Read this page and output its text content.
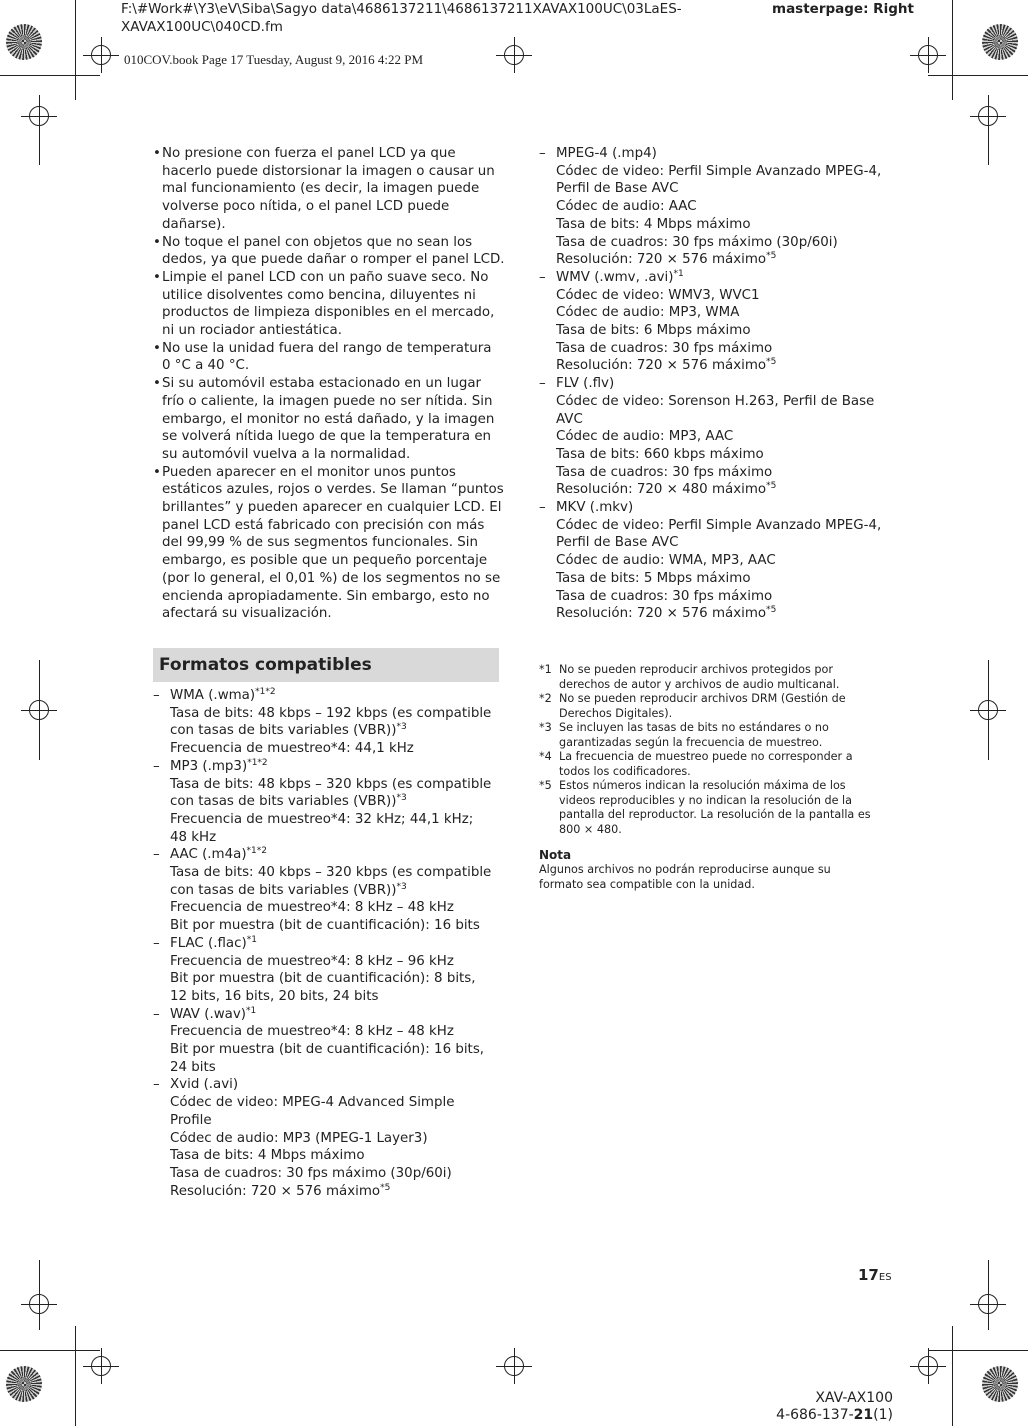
F:\#Work#\Y3\eV\Siba\Sagyo data\4686137211\4686137211XAVAX100UC\03LaES-
XAVAX100UC\040CD.fm
masterpage: Right
010COV.book Page 17 Tuesday, August 9, 2016 4:22 PM
• No presione con fuerza el panel LCD ya que
hacerlo puede distorsionar la imagen o causar un
mal funcionamiento (es decir, la imagen puede
volverse poco nítida, o el panel LCD puede
dañarse).
• No toque el panel con objetos que no sean los
dedos, ya que puede dañar o romper el panel LCD.
• Limpie el panel LCD con un paño suave seco. No
utilice disolventes como bencina, diluyentes ni
productos de limpieza disponibles en el mercado,
ni un rociador antiestática.
• No use la unidad fuera del rango de temperatura
0 °C a 40 °C.
• Si su automóvil estaba estacionado en un lugar
frío o caliente, la imagen puede no ser nítida. Sin
embargo, el monitor no está dañado, y la imagen
se volverá nítida luego de que la temperatura en
su automóvil vuelva a la normalidad.
• Pueden aparecer en el monitor unos puntos
estáticos azules, rojos o verdes. Se llaman “puntos
brillantes” y pueden aparecer en cualquier LCD. El
panel LCD está fabricado con precisión con más
del 99,99 % de sus segmentos funcionales. Sin
embargo, es posible que un pequeño porcentaje
(por lo general, el 0,01 %) de los segmentos no se
encienda apropiadamente. Sin embargo, esto no
afectará su visualización.
Formatos compatibles
– WMA $(.wma)^{*1*2}$
Tasa de bits: 48 kbps – 192 kbps (es compatible
con tasas de bits variables (VBR))$^{*3}$
Frecuencia de muestreo*4: 44,1 kHz
– MP3 $(.mp3)^{*1*2}$
Tasa de bits: 48 kbps – 320 kbps (es compatible
con tasas de bits variables (VBR))$^{*3}$
Frecuencia de muestreo*4: 32 kHz; 44,1 kHz;
48 kHz
– AAC $(.m4a)^{*1*2}$
Tasa de bits: 40 kbps – 320 kbps (es compatible
con tasas de bits variables (VBR))$^{*3}$
Frecuencia de muestreo*4: 8 kHz – 48 kHz
Bit por muestra (bit de cuantificación): 16 bits
– FLAC (.flac)$^{*1}$
Frecuencia de muestreo*4: 8 kHz – 96 kHz
Bit por muestra (bit de cuantificación): 8 bits,
12 bits, 16 bits, 20 bits, 24 bits
– WAV $(.wav)^{*1}$
Frecuencia de muestreo*4: 8 kHz – 48 kHz
Bit por muestra (bit de cuantificación): 16 bits,
24 bits
– Xvid (.avi)
Códec de video: MPEG-4 Advanced Simple
Profile
Códec de audio: MP3 (MPEG-1 Layer3)
Tasa de bits: 4 Mbps máximo
Tasa de cuadros: 30 fps máximo (30p/60i)
Resolución: 720 × 576 máximo$^{*5}$
– MPEG-4 (.mp4)
Códec de video: Perfil Simple Avanzado MPEG-4,
Perfil de Base AVC
Códec de audio: AAC
Tasa de bits: 4 Mbps máximo
Tasa de cuadros: 30 fps máximo (30p/60i)
Resolución: 720 × 576 máximo$^{*5}$
– WMV (.wmv, .avi)$^{*1}$
Códec de video: WMV3, WVC1
Códec de audio: MP3, WMA
Tasa de bits: 6 Mbps máximo
Tasa de cuadros: 30 fps máximo
Resolución: 720 × 576 máximo$^{*5}$
– FLV (.flv)
Códec de video: Sorenson H.263, Perfil de Base
AVC
Códec de audio: MP3, AAC
Tasa de bits: 660 kbps máximo
Tasa de cuadros: 30 fps máximo
Resolución: 720 × 480 máximo$^{*5}$
– MKV (.mkv)
Códec de video: Perfil Simple Avanzado MPEG-4,
Perfil de Base AVC
Códec de audio: WMA, MP3, AAC
Tasa de bits: 5 Mbps máximo
Tasa de cuadros: 30 fps máximo
Resolución: 720 × 576 máximo$^{*5}$
*1 No se pueden reproducir archivos protegidos por
derechos de autor y archivos de audio multicanal.
*2 No se pueden reproducir archivos DRM (Gestión de
Derechos Digitales).
*3 Se incluyen las tasas de bits no estándares o no
garantizadas según la frecuencia de muestreo.
*4 La frecuencia de muestreo puede no corresponder a
todos los codificadores.
*5 Estos números indican la resolución máxima de los
videos reproducibles y no indican la resolución de la
pantalla del reproductor. La resolución de la pantalla es
800 × 480.
Nota
Algunos archivos no podrán reproducirse aunque su
formato sea compatible con la unidad.
17ES
XAV-AX100
4-686-137-21(1)
